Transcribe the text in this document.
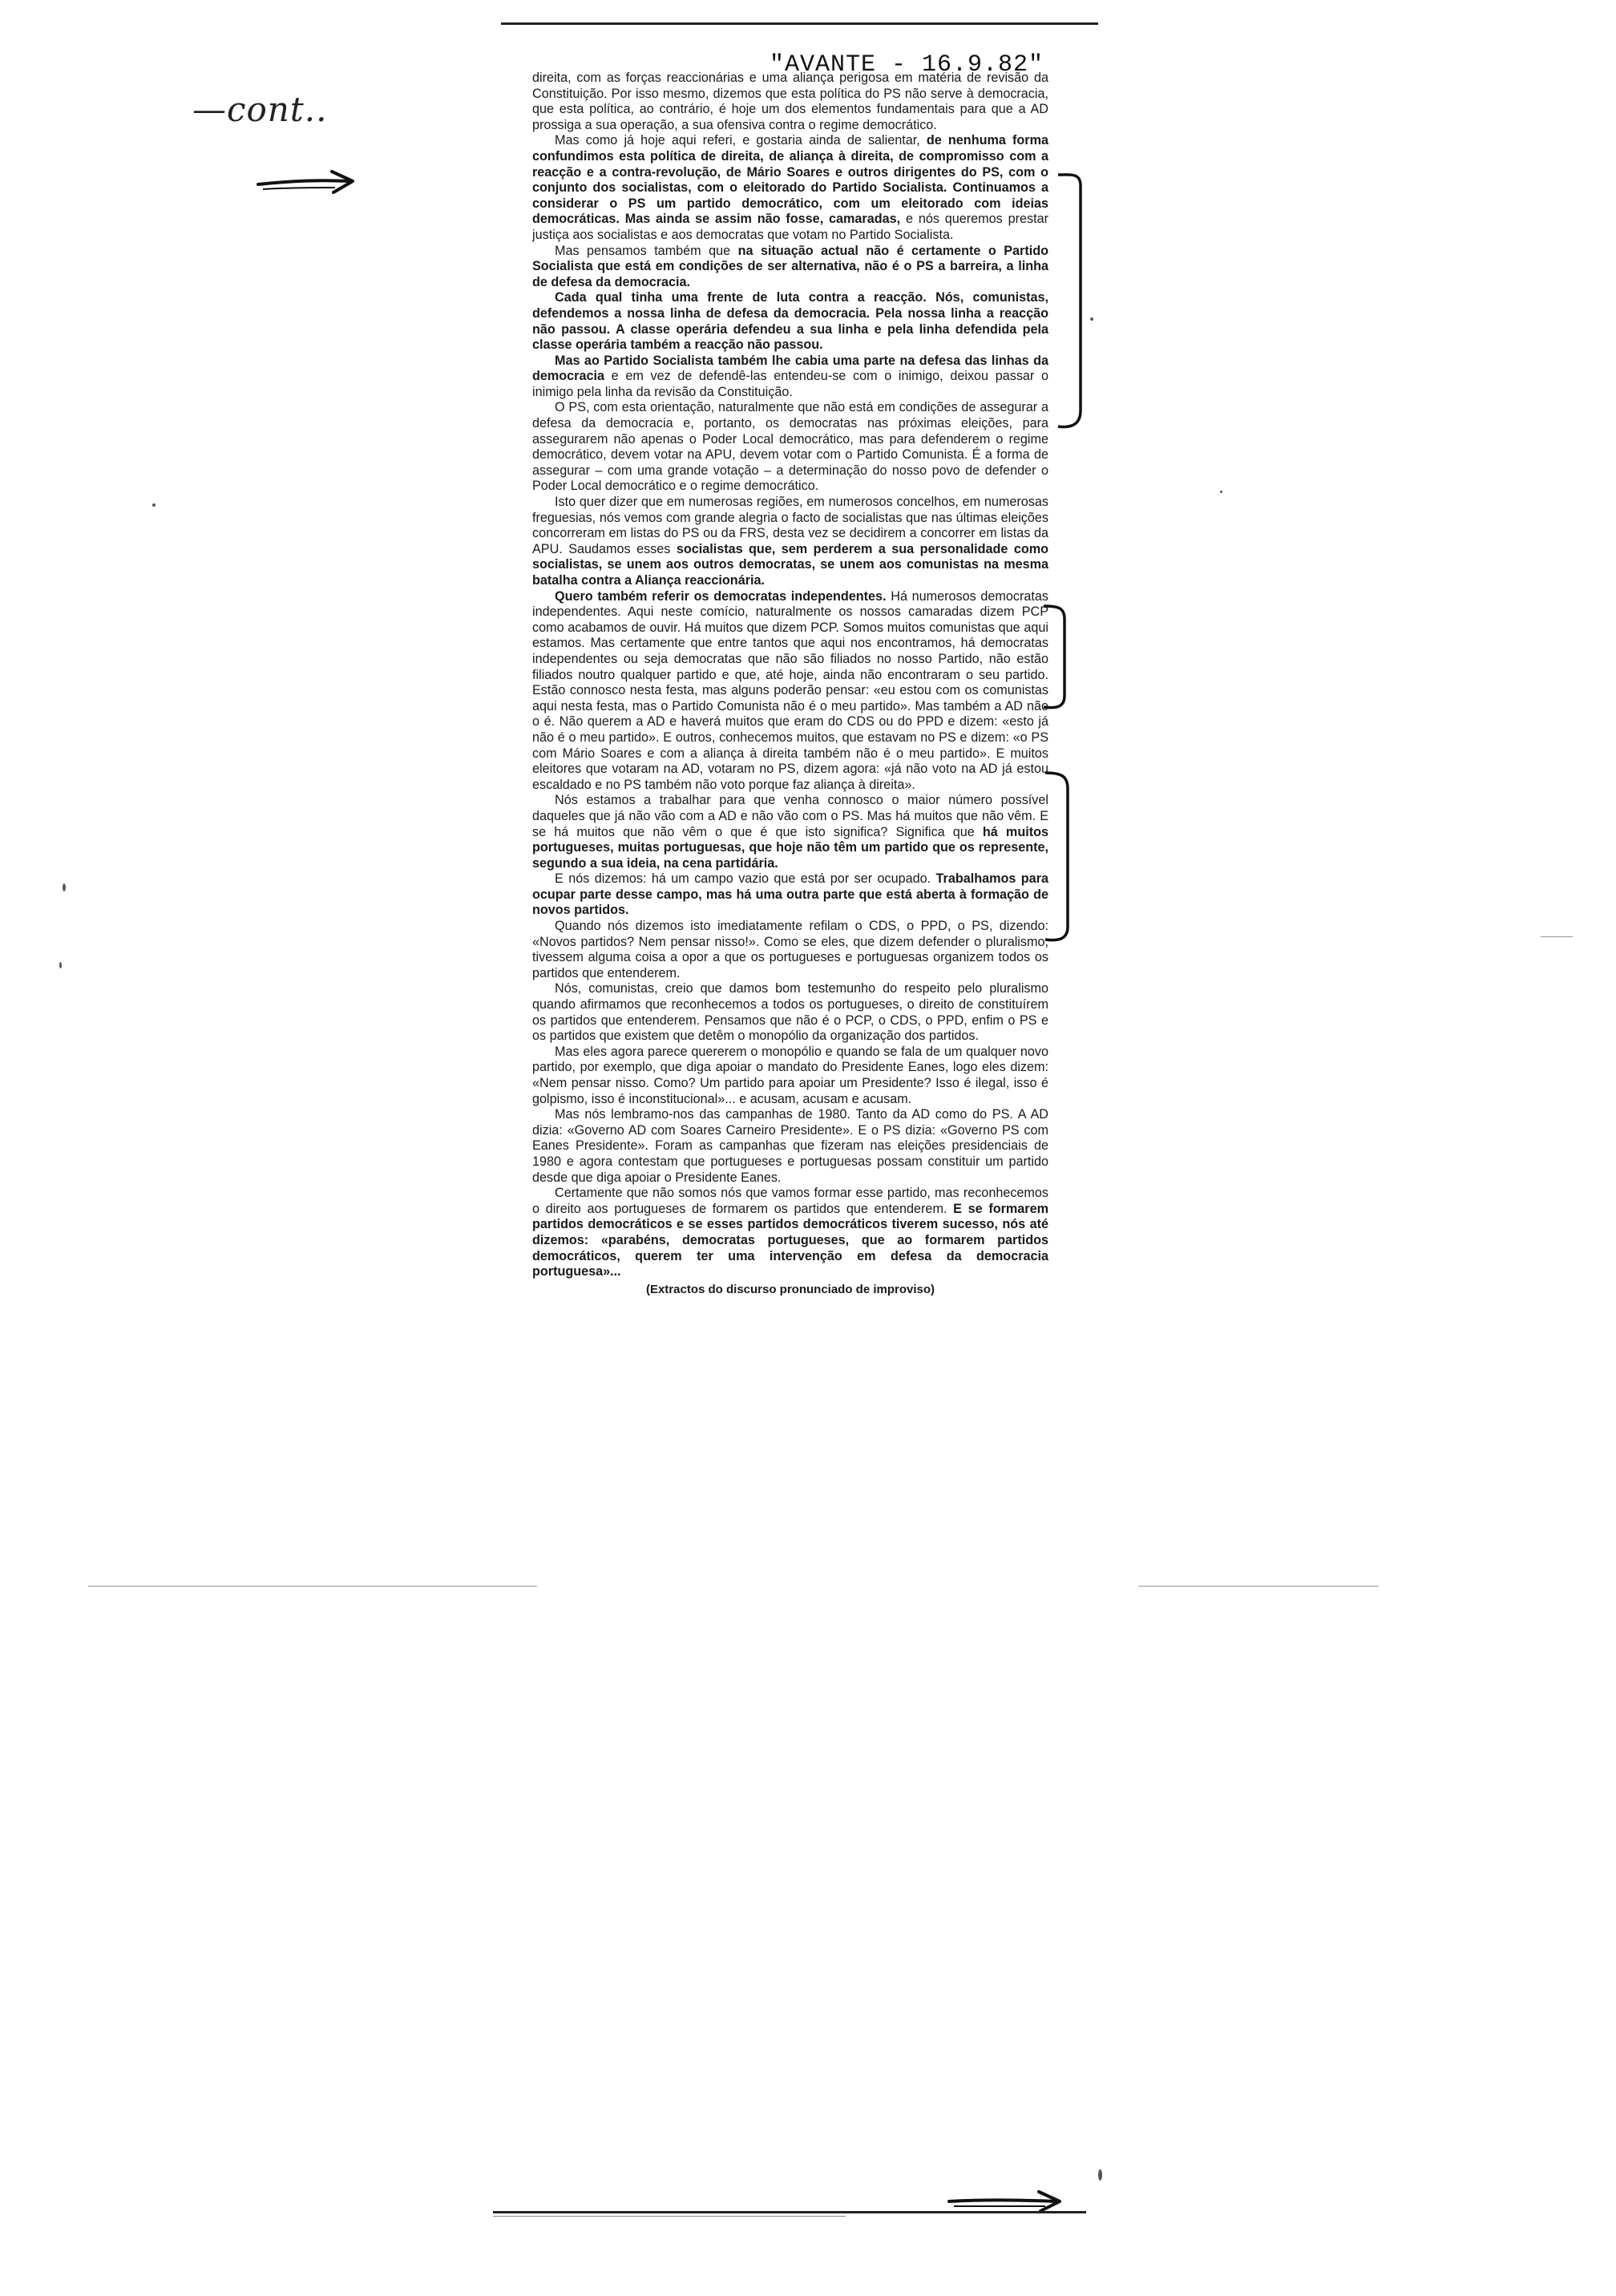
"AVANTE - 16.9.82"
—cont..

direita, com as forças reaccionárias e uma aliança perigosa em matéria de revisão da Constituição. Por isso mesmo, dizemos que esta política do PS não serve à democracia, que esta política, ao contrário, é hoje um dos elementos fundamentais para que a AD prossiga a sua operação, a sua ofensiva contra o regime democrático.

Mas como já hoje aqui referi, e gostaria ainda de salientar, de nenhuma forma confundimos esta política de direita, de aliança à direita, de compromisso com a reacção e a contra-revolução, de Mário Soares e outros dirigentes do PS, com o conjunto dos socialistas, com o eleitorado do Partido Socialista. Continuamos a considerar o PS um partido democrático, com um eleitorado com ideias democráticas. Mas ainda se assim não fosse, camaradas, e nós queremos prestar justiça aos socialistas e aos democratas que votam no Partido Socialista.

Mas pensamos também que na situação actual não é certamente o Partido Socialista que está em condições de ser alternativa, não é o PS a barreira, a linha de defesa da democracia.

Cada qual tinha uma frente de luta contra a reacção. Nós, comunistas, defendemos a nossa linha de defesa da democracia. Pela nossa linha a reacção não passou. A classe operária defendeu a sua linha e pela linha defendida pela classe operária também a reacção não passou.

Mas ao Partido Socialista também lhe cabia uma parte na defesa das linhas da democracia e em vez de defendê-las entendeu-se com o inimigo, deixou passar o inimigo pela linha da revisão da Constituição.

O PS, com esta orientação, naturalmente que não está em condições de assegurar a defesa da democracia e, portanto, os democratas nas próximas eleições, para assegurarem não apenas o Poder Local democrático, mas para defenderem o regime democrático, devem votar na APU, devem votar com o Partido Comunista. É a forma de assegurar – com uma grande votação – a determinação do nosso povo de defender o Poder Local democrático e o regime democrático.

Isto quer dizer que em numerosas regiões, em numerosos concelhos, em numerosas freguesias, nós vemos com grande alegria o facto de socialistas que nas últimas eleições concorreram em listas do PS ou da FRS, desta vez se decidirem a concorrer em listas da APU. Saudamos esses socialistas que, sem perderem a sua personalidade como socialistas, se unem aos outros democratas, se unem aos comunistas na mesma batalha contra a Aliança reaccionária.

Quero também referir os democratas independentes. Há numerosos democratas independentes. Aqui neste comício, naturalmente os nossos camaradas dizem PCP como acabamos de ouvir. Há muitos que dizem PCP. Somos muitos comunistas que aqui estamos. Mas certamente que entre tantos que aqui nos encontramos, há democratas independentes ou seja democratas que não são filiados no nosso Partido, não estão filiados noutro qualquer partido e que, até hoje, ainda não encontraram o seu partido. Estão connosco nesta festa, mas alguns poderão pensar: «eu estou com os comunistas aqui nesta festa, mas o Partido Comunista não é o meu partido». Mas também a AD não o é. Não querem a AD e haverá muitos que eram do CDS ou do PPD e dizem: «esto já não é o meu partido». E outros, conhecemos muitos, que estavam no PS e dizem: «o PS com Mário Soares e com a aliança à direita também não é o meu partido». E muitos eleitores que votaram na AD, votaram no PS, dizem agora: «já não voto na AD já estou escaldado e no PS também não voto porque faz aliança à direita».

Nós estamos a trabalhar para que venha connosco o maior número possível daqueles que já não vão com a AD e não vão com o PS. Mas há muitos que não vêm. E se há muitos que não vêm o que é que isto significa? Significa que há muitos portugueses, muitas portuguesas, que hoje não têm um partido que os represente, segundo a sua ideia, na cena partidária.

E nós dizemos: há um campo vazio que está por ser ocupado. Trabalhamos para ocupar parte desse campo, mas há uma outra parte que está aberta à formação de novos partidos.

Quando nós dizemos isto imediatamente refilam o CDS, o PPD, o PS, dizendo: «Novos partidos? Nem pensar nisso!». Como se eles, que dizem defender o pluralismo, tivessem alguma coisa a opor a que os portugueses e portuguesas organizem todos os partidos que entenderem.

Nós, comunistas, creio que damos bom testemunho do respeito pelo pluralismo quando afirmamos que reconhecemos a todos os portugueses, o direito de constituírem os partidos que entenderem. Pensamos que não é o PCP, o CDS, o PPD, enfim o PS e os partidos que existem que detêm o monopólio da organização dos partidos.

Mas eles agora parece quererem o monopólio e quando se fala de um qualquer novo partido, por exemplo, que diga apoiar o mandato do Presidente Eanes, logo eles dizem: «Nem pensar nisso. Como? Um partido para apoiar um Presidente? Isso é ilegal, isso é golpismo, isso é inconstitucional»... e acusam, acusam e acusam.

Mas nós lembramo-nos das campanhas de 1980. Tanto da AD como do PS. A AD dizia: «Governo AD com Soares Carneiro Presidente». E o PS dizia: «Governo PS com Eanes Presidente». Foram as campanhas que fizeram nas eleições presidenciais de 1980 e agora contestam que portugueses e portuguesas possam constituir um partido desde que diga apoiar o Presidente Eanes.

Certamente que não somos nós que vamos formar esse partido, mas reconhecemos o direito aos portugueses de formarem os partidos que entenderem. E se formarem partidos democráticos e se esses partidos democráticos tiverem sucesso, nós até dizemos: «parabéns, democratas portugueses, que ao formarem partidos democráticos, querem ter uma intervenção em defesa da democracia portuguesa»...

(Extractos do discurso pronunciado de improviso)
